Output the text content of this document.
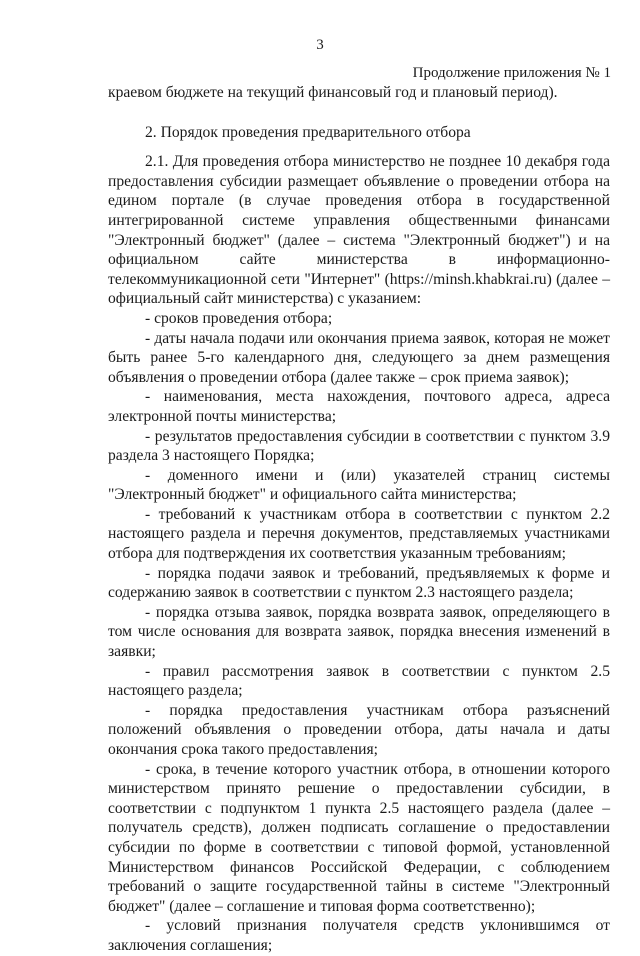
3
Продолжение приложения № 1

краевом бюджете на текущий финансовый год и плановый период).

2. Порядок проведения предварительного отбора

2.1. Для проведения отбора министерство не позднее 10 декабря года предоставления субсидии размещает объявление о проведении отбора на едином портале (в случае проведения отбора в государственной интегрированной системе управления общественными финансами "Электронный бюджет" (далее – система "Электронный бюджет") и на официальном сайте министерства в информационно-телекоммуникационной сети "Интернет" (https://minsh.khabkrai.ru) (далее – официальный сайт министерства) с указанием:

- сроков проведения отбора;

- даты начала подачи или окончания приема заявок, которая не может быть ранее 5-го календарного дня, следующего за днем размещения объявления о проведении отбора (далее также – срок приема заявок);

- наименования, места нахождения, почтового адреса, адреса электронной почты министерства;

- результатов предоставления субсидии в соответствии с пунктом 3.9 раздела 3 настоящего Порядка;

- доменного имени и (или) указателей страниц системы "Электронный бюджет" и официального сайта министерства;

- требований к участникам отбора в соответствии с пунктом 2.2 настоящего раздела и перечня документов, представляемых участниками отбора для подтверждения их соответствия указанным требованиям;

- порядка подачи заявок и требований, предъявляемых к форме и содержанию заявок в соответствии с пунктом 2.3 настоящего раздела;

- порядка отзыва заявок, порядка возврата заявок, определяющего в том числе основания для возврата заявок, порядка внесения изменений в заявки;

- правил рассмотрения заявок в соответствии с пунктом 2.5 настоящего раздела;

- порядка предоставления участникам отбора разъяснений положений объявления о проведении отбора, даты начала и даты окончания срока такого предоставления;

- срока, в течение которого участник отбора, в отношении которого министерством принято решение о предоставлении субсидии, в соответствии с подпунктом 1 пункта 2.5 настоящего раздела (далее – получатель средств), должен подписать соглашение о предоставлении субсидии по форме в соответствии с типовой формой, установленной Министерством финансов Российской Федерации, с соблюдением требований о защите государственной тайны в системе "Электронный бюджет" (далее – соглашение и типовая форма соответственно);

- условий признания получателя средств уклонившимся от заключения соглашения;
